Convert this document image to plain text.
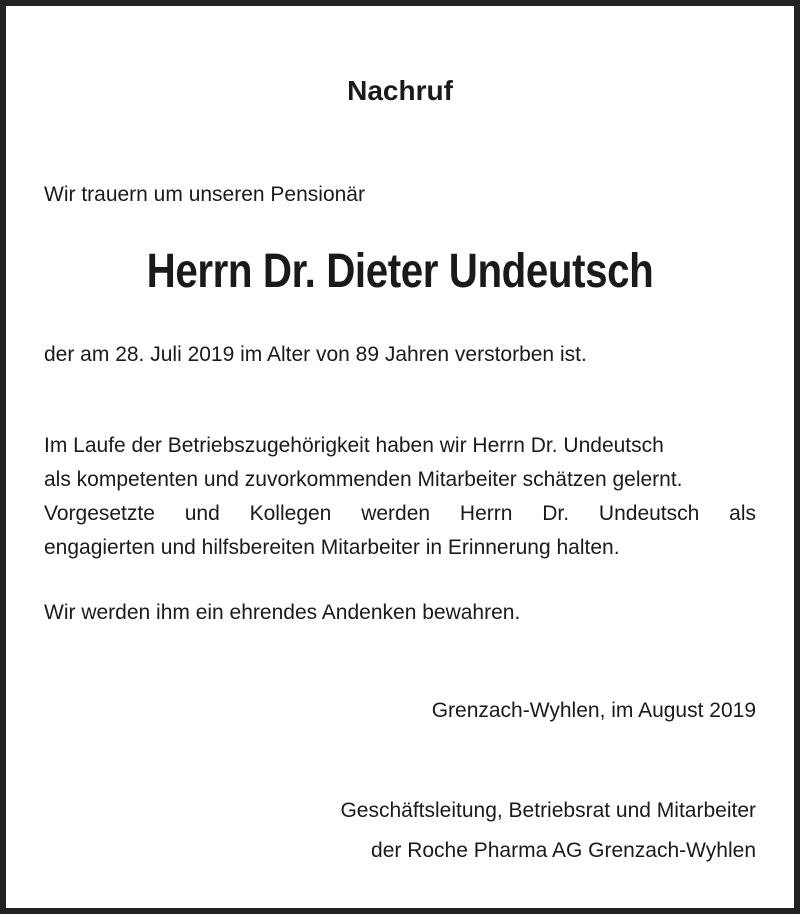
Nachruf

Wir trauern um unseren Pensionär

Herrn Dr. Dieter Undeutsch

der am 28. Juli 2019 im Alter von 89 Jahren verstorben ist.

Im Laufe der Betriebszugehörigkeit haben wir Herrn Dr. Undeutsch
als kompetenten und zuvorkommenden Mitarbeiter schätzen gelernt.
Vorgesetzte und Kollegen werden Herrn Dr. Undeutsch als
engagierten und hilfsbereiten Mitarbeiter in Erinnerung halten.

Wir werden ihm ein ehrendes Andenken bewahren.

Grenzach-Wyhlen, im August 2019

Geschäftsleitung, Betriebsrat und Mitarbeiter

der Roche Pharma AG Grenzach-Wyhlen
